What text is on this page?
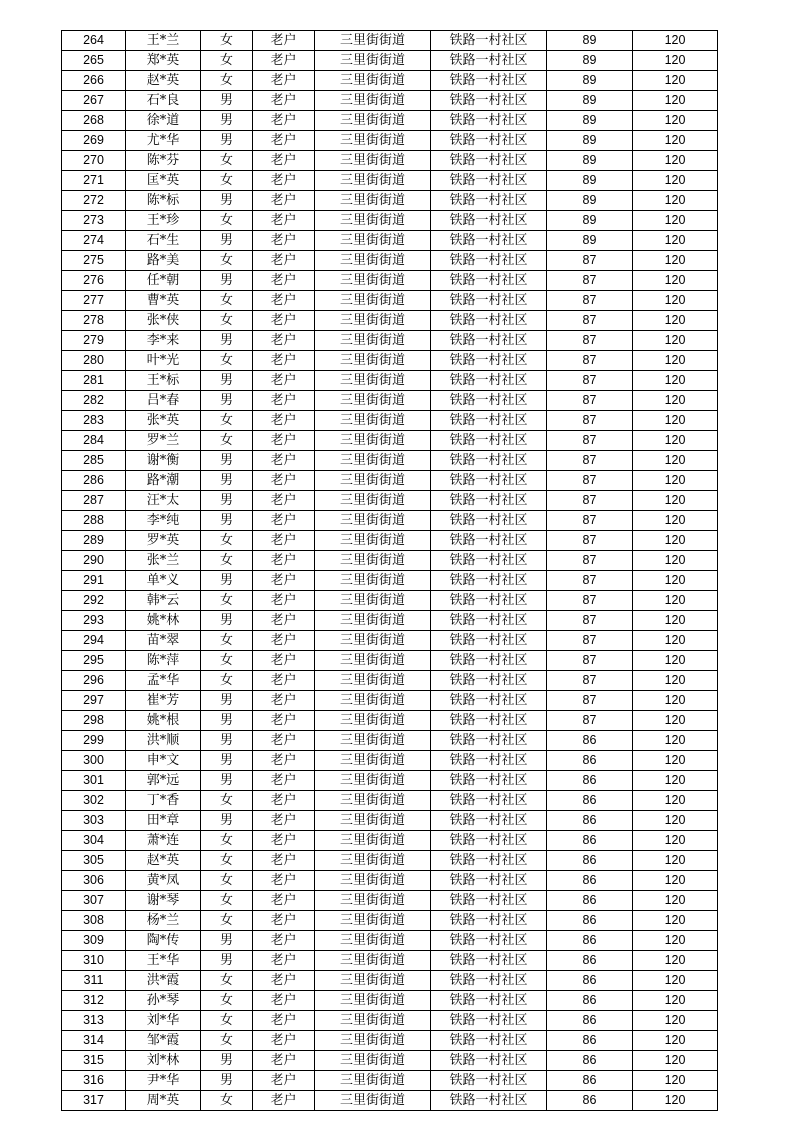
264	王*兰	女	老户	三里街街道	铁路一村社区	89	120
265	郑*英	女	老户	三里街街道	铁路一村社区	89	120
266	赵*英	女	老户	三里街街道	铁路一村社区	89	120
267	石*良	男	老户	三里街街道	铁路一村社区	89	120
268	徐*道	男	老户	三里街街道	铁路一村社区	89	120
269	尤*华	男	老户	三里街街道	铁路一村社区	89	120
270	陈*芬	女	老户	三里街街道	铁路一村社区	89	120
271	匡*英	女	老户	三里街街道	铁路一村社区	89	120
272	陈*标	男	老户	三里街街道	铁路一村社区	89	120
273	王*珍	女	老户	三里街街道	铁路一村社区	89	120
274	石*生	男	老户	三里街街道	铁路一村社区	89	120
275	路*美	女	老户	三里街街道	铁路一村社区	87	120
276	任*朝	男	老户	三里街街道	铁路一村社区	87	120
277	曹*英	女	老户	三里街街道	铁路一村社区	87	120
278	张*侠	女	老户	三里街街道	铁路一村社区	87	120
279	李*来	男	老户	三里街街道	铁路一村社区	87	120
280	叶*光	女	老户	三里街街道	铁路一村社区	87	120
281	王*标	男	老户	三里街街道	铁路一村社区	87	120
282	吕*春	男	老户	三里街街道	铁路一村社区	87	120
283	张*英	女	老户	三里街街道	铁路一村社区	87	120
284	罗*兰	女	老户	三里街街道	铁路一村社区	87	120
285	谢*衡	男	老户	三里街街道	铁路一村社区	87	120
286	路*潮	男	老户	三里街街道	铁路一村社区	87	120
287	汪*太	男	老户	三里街街道	铁路一村社区	87	120
288	李*纯	男	老户	三里街街道	铁路一村社区	87	120
289	罗*英	女	老户	三里街街道	铁路一村社区	87	120
290	张*兰	女	老户	三里街街道	铁路一村社区	87	120
291	单*义	男	老户	三里街街道	铁路一村社区	87	120
292	韩*云	女	老户	三里街街道	铁路一村社区	87	120
293	姚*林	男	老户	三里街街道	铁路一村社区	87	120
294	苗*翠	女	老户	三里街街道	铁路一村社区	87	120
295	陈*萍	女	老户	三里街街道	铁路一村社区	87	120
296	孟*华	女	老户	三里街街道	铁路一村社区	87	120
297	崔*芳	男	老户	三里街街道	铁路一村社区	87	120
298	姚*根	男	老户	三里街街道	铁路一村社区	87	120
299	洪*顺	男	老户	三里街街道	铁路一村社区	86	120
300	申*文	男	老户	三里街街道	铁路一村社区	86	120
301	郭*远	男	老户	三里街街道	铁路一村社区	86	120
302	丁*香	女	老户	三里街街道	铁路一村社区	86	120
303	田*章	男	老户	三里街街道	铁路一村社区	86	120
304	萧*连	女	老户	三里街街道	铁路一村社区	86	120
305	赵*英	女	老户	三里街街道	铁路一村社区	86	120
306	黄*凤	女	老户	三里街街道	铁路一村社区	86	120
307	谢*琴	女	老户	三里街街道	铁路一村社区	86	120
308	杨*兰	女	老户	三里街街道	铁路一村社区	86	120
309	陶*传	男	老户	三里街街道	铁路一村社区	86	120
310	王*华	男	老户	三里街街道	铁路一村社区	86	120
311	洪*霞	女	老户	三里街街道	铁路一村社区	86	120
312	孙*琴	女	老户	三里街街道	铁路一村社区	86	120
313	刘*华	女	老户	三里街街道	铁路一村社区	86	120
314	邹*霞	女	老户	三里街街道	铁路一村社区	86	120
315	刘*林	男	老户	三里街街道	铁路一村社区	86	120
316	尹*华	男	老户	三里街街道	铁路一村社区	86	120
317	周*英	女	老户	三里街街道	铁路一村社区	86	120
